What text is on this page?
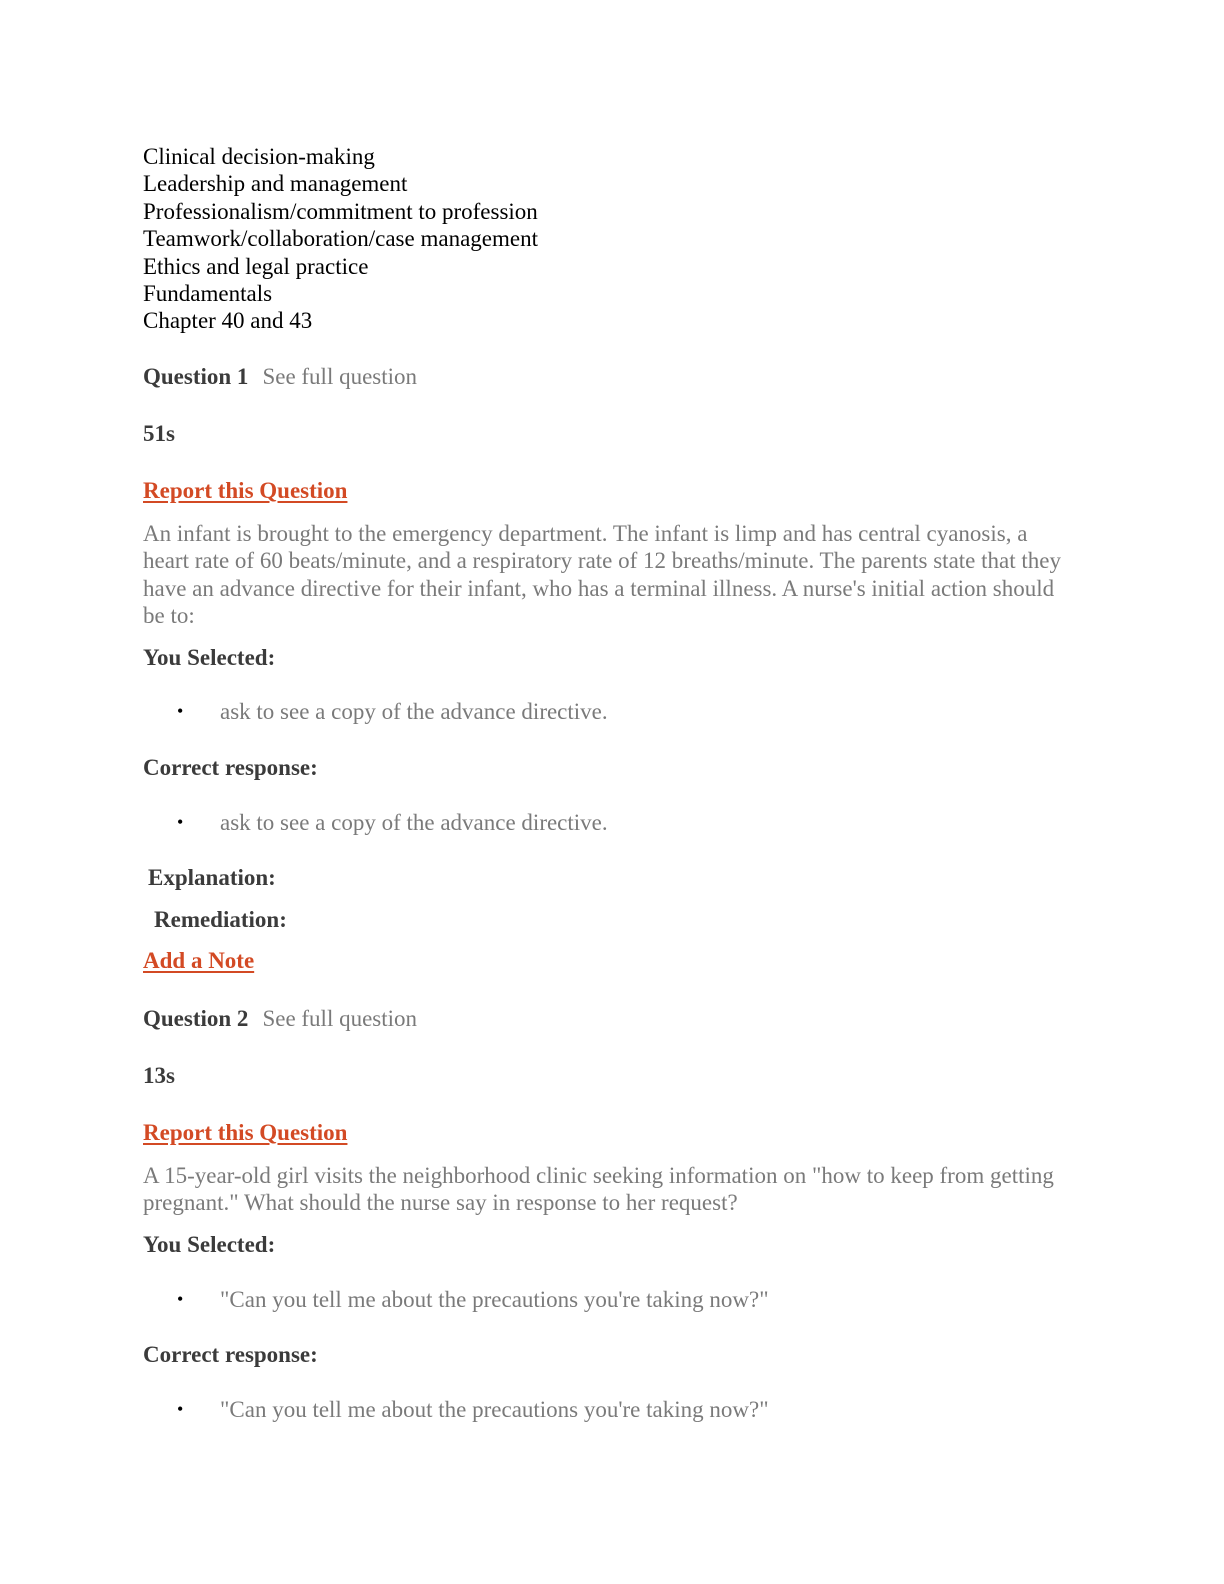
Clinical decision-making
Leadership and management
Professionalism/commitment to profession
Teamwork/collaboration/case management
Ethics and legal practice
Fundamentals
Chapter 40 and 43
Question 1 See full question
51s
Report this Question
An infant is brought to the emergency department. The infant is limp and has central cyanosis, a heart rate of 60 beats/minute, and a respiratory rate of 12 breaths/minute. The parents state that they have an advance directive for their infant, who has a terminal illness. A nurse's initial action should be to:
You Selected:
• ask to see a copy of the advance directive.
Correct response:
• ask to see a copy of the advance directive.
Explanation:
Remediation:
Add a Note
Question 2 See full question
13s
Report this Question
A 15-year-old girl visits the neighborhood clinic seeking information on "how to keep from getting pregnant." What should the nurse say in response to her request?
You Selected:
• "Can you tell me about the precautions you're taking now?"
Correct response:
• "Can you tell me about the precautions you're taking now?"
